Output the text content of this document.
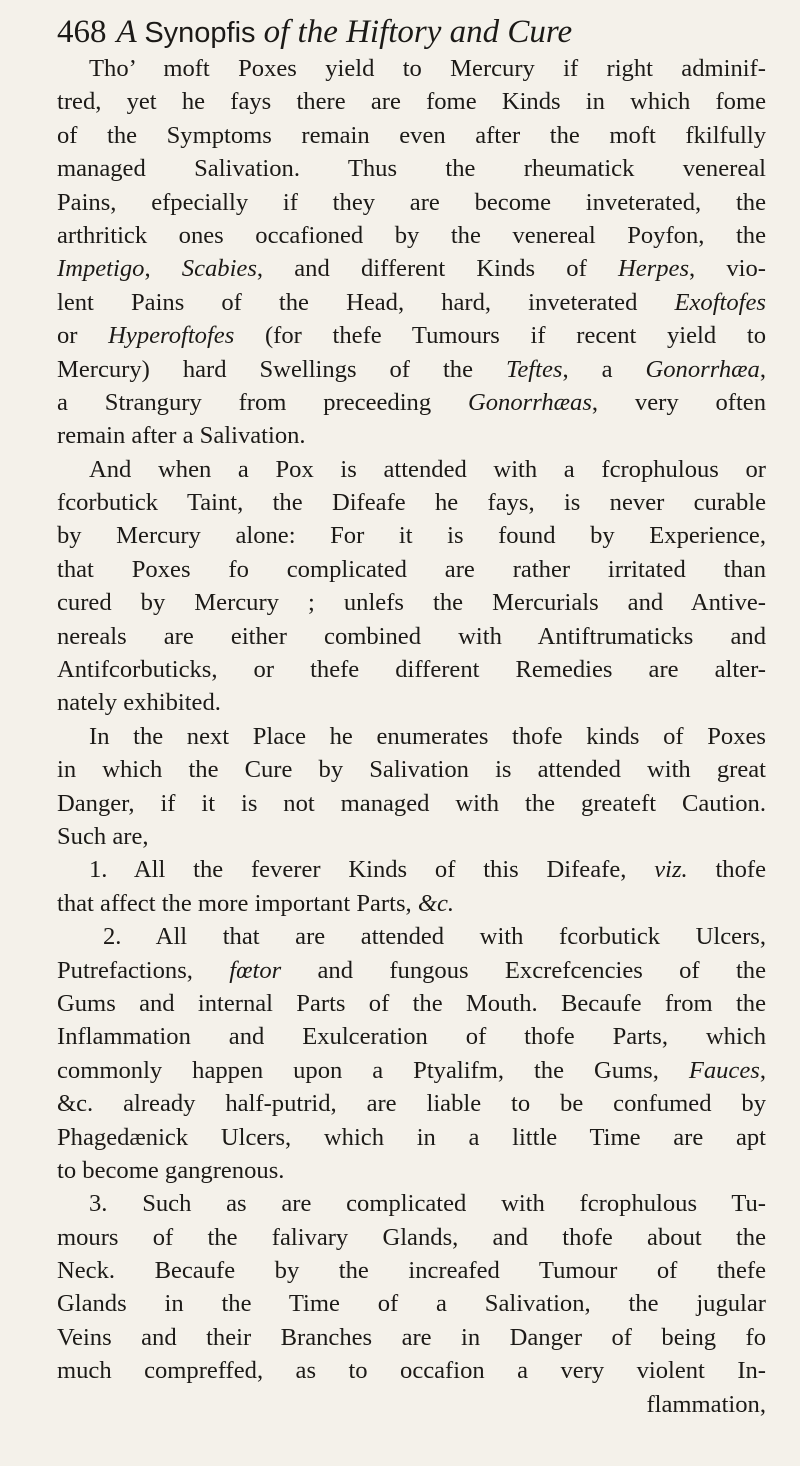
468 A Synopfis of the Hiftory and Cure
Tho’ moft Poxes yield to Mercury if right adminif-
tred, yet he fays there are fome Kinds in which fome
of the Symptoms remain even after the moft fkilfully
managed Salivation. Thus the rheumatick venereal
Pains, efpecially if they are become inveterated, the
arthritick ones occafioned by the venereal Poyfon, the
Impetigo, Scabies, and different Kinds of Herpes, vio-
lent Pains of the Head, hard, inveterated Exoftofes
or Hyperoftofes (for thefe Tumours if recent yield to
Mercury) hard Swellings of the Teftes, a Gonorrhæa,
a Strangury from preceeding Gonorrhæas, very often
remain after a Salivation.
And when a Pox is attended with a fcrophulous or
fcorbutick Taint, the Difeafe he fays, is never curable
by Mercury alone: For it is found by Experience,
that Poxes fo complicated are rather irritated than
cured by Mercury ; unlefs the Mercurials and Antive-
nereals are either combined with Antiftrumaticks and
Antifcorbuticks, or thefe different Remedies are alter-
nately exhibited.
In the next Place he enumerates thofe kinds of Poxes
in which the Cure by Salivation is attended with great
Danger, if it is not managed with the greateft Caution.
Such are,
1. All the feverer Kinds of this Difeafe, viz. thofe
that affect the more important Parts, &c.
2. All that are attended with fcorbutick Ulcers,
Putrefactions, fœtor and fungous Excrefcencies of the
Gums and internal Parts of the Mouth. Becaufe from the
Inflammation and Exulceration of thofe Parts, which
commonly happen upon a Ptyalifm, the Gums, Fauces,
&c. already half-putrid, are liable to be confumed by
Phagedænick Ulcers, which in a little Time are apt
to become gangrenous.
3. Such as are complicated with fcrophulous Tu-
mours of the falivary Glands, and thofe about the
Neck. Becaufe by the increafed Tumour of thefe
Glands in the Time of a Salivation, the jugular
Veins and their Branches are in Danger of being fo
much compreffed, as to occafion a very violent In-
flammation,
